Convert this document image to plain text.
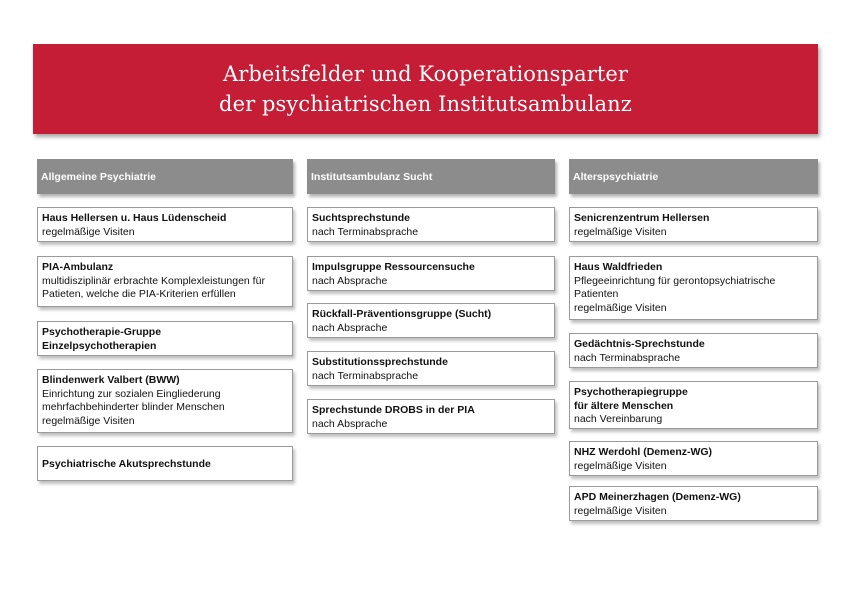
Arbeitsfelder und Kooperationsparter
der psychiatrischen Institutsambulanz
Allgemeine Psychiatrie
Haus Hellersen u. Haus Lüdenscheid
regelmäßige Visiten
PIA-Ambulanz
multidisziplinär erbrachte Komplexleistungen für
Patieten, welche die PIA-Kriterien erfüllen
Psychotherapie-Gruppe
Einzelpsychotherapien
Blindenwerk Valbert (BWW)
Einrichtung zur sozialen Eingliederung
mehrfachbehinderter blinder Menschen
regelmäßige Visiten
Psychiatrische Akutsprechstunde
Institutsambulanz Sucht
Suchtsprechstunde
nach Terminabsprache
Impulsgruppe Ressourcensuche
nach Absprache
Rückfall-Präventionsgruppe (Sucht)
nach Absprache
Substitutionssprechstunde
nach Terminabsprache
Sprechstunde DROBS in der PIA
nach Absprache
Alterspsychiatrie
Senicrenzentrum Hellersen
regelmäßige Visiten
Haus Waldfrieden
Pflegeeinrichtung für gerontopsychiatrische
Patienten
regelmäßige Visiten
Gedächtnis-Sprechstunde
nach Terminabsprache
Psychotherapiegruppe
für ältere Menschen
nach Vereinbarung
NHZ Werdohl (Demenz-WG)
regelmäßige Visiten
APD Meinerzhagen (Demenz-WG)
regelmäßige Visiten
